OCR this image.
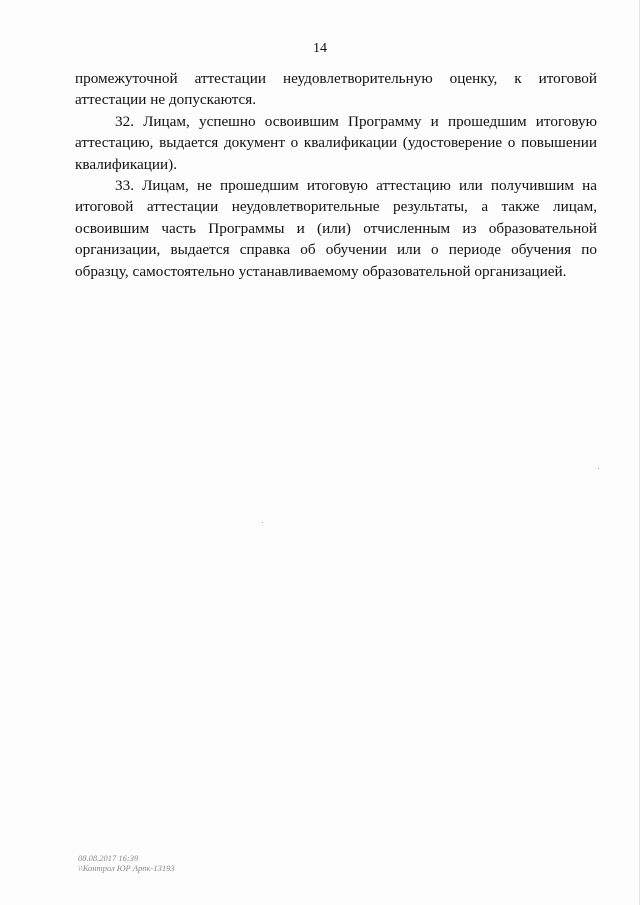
14

промежуточной аттестации неудовлетворительную оценку, к итоговой аттестации не допускаются.

32. Лицам, успешно освоившим Программу и прошедшим итоговую аттестацию, выдается документ о квалификации (удостоверение о повышении квалификации).

33. Лицам, не прошедшим итоговую аттестацию или получившим на итоговой аттестации неудовлетворительные результаты, а также лицам, освоившим часть Программы и (или) отчисленным из образовательной организации, выдается справка об обучении или о периоде обучения по образцу, самостоятельно устанавливаемому образовательной организацией.

08.08.2017 16:39
\\Контрол ЮР Арпк-13193
